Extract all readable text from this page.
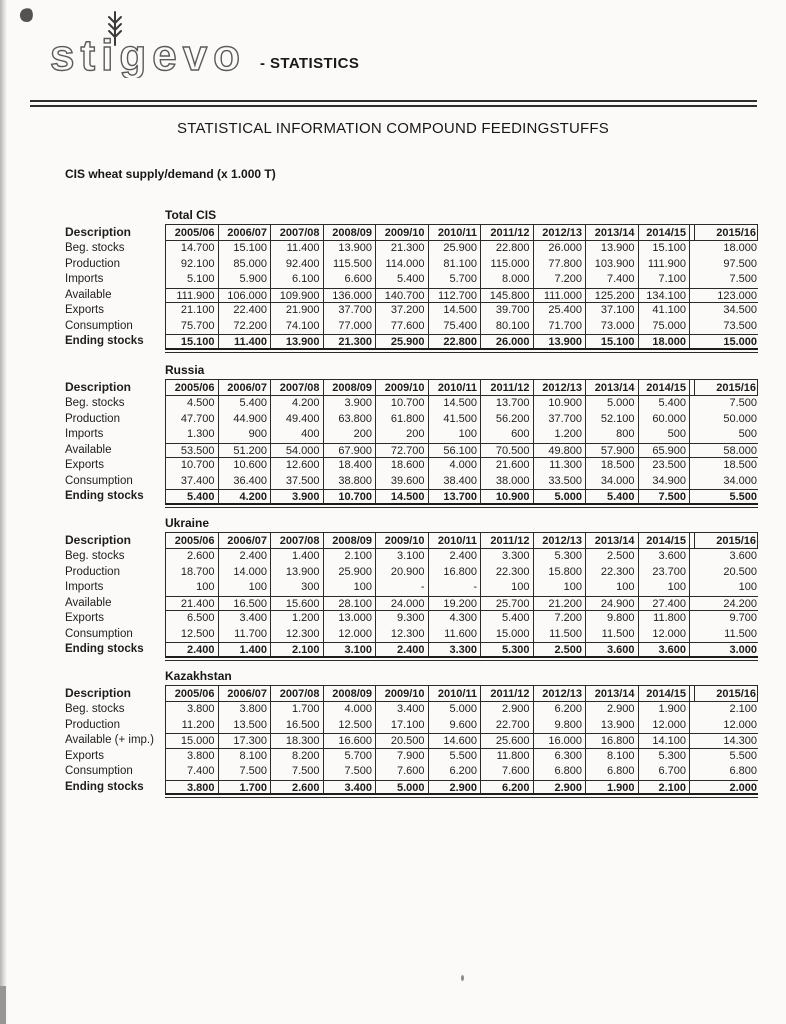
stigevo - STATISTICS
STATISTICAL INFORMATION COMPOUND FEEDINGSTUFFS
CIS wheat supply/demand (x 1.000 T)
Total CIS
Description	2005/06	2006/07	2007/08	2008/09	2009/10	2010/11	2011/12	2012/13	2013/14	2014/15	2015/16
Beg. stocks	14.700	15.100	11.400	13.900	21.300	25.900	22.800	26.000	13.900	15.100	18.000
Production	92.100	85.000	92.400	115.500	114.000	81.100	115.000	77.800	103.900	111.900	97.500
Imports	5.100	5.900	6.100	6.600	5.400	5.700	8.000	7.200	7.400	7.100	7.500
Available	111.900	106.000	109.900	136.000	140.700	112.700	145.800	111.000	125.200	134.100	123.000
Exports	21.100	22.400	21.900	37.700	37.200	14.500	39.700	25.400	37.100	41.100	34.500
Consumption	75.700	72.200	74.100	77.000	77.600	75.400	80.100	71.700	73.000	75.000	73.500
Ending stocks	15.100	11.400	13.900	21.300	25.900	22.800	26.000	13.900	15.100	18.000	15.000
Russia
Description	2005/06	2006/07	2007/08	2008/09	2009/10	2010/11	2011/12	2012/13	2013/14	2014/15	2015/16
Beg. stocks	4.500	5.400	4.200	3.900	10.700	14.500	13.700	10.900	5.000	5.400	7.500
Production	47.700	44.900	49.400	63.800	61.800	41.500	56.200	37.700	52.100	60.000	50.000
Imports	1.300	900	400	200	200	100	600	1.200	800	500	500
Available	53.500	51.200	54.000	67.900	72.700	56.100	70.500	49.800	57.900	65.900	58.000
Exports	10.700	10.600	12.600	18.400	18.600	4.000	21.600	11.300	18.500	23.500	18.500
Consumption	37.400	36.400	37.500	38.800	39.600	38.400	38.000	33.500	34.000	34.900	34.000
Ending stocks	5.400	4.200	3.900	10.700	14.500	13.700	10.900	5.000	5.400	7.500	5.500
Ukraine
Description	2005/06	2006/07	2007/08	2008/09	2009/10	2010/11	2011/12	2012/13	2013/14	2014/15	2015/16
Beg. stocks	2.600	2.400	1.400	2.100	3.100	2.400	3.300	5.300	2.500	3.600	3.600
Production	18.700	14.000	13.900	25.900	20.900	16.800	22.300	15.800	22.300	23.700	20.500
Imports	100	100	300	100	-	-	100	100	100	100	100
Available	21.400	16.500	15.600	28.100	24.000	19.200	25.700	21.200	24.900	27.400	24.200
Exports	6.500	3.400	1.200	13.000	9.300	4.300	5.400	7.200	9.800	11.800	9.700
Consumption	12.500	11.700	12.300	12.000	12.300	11.600	15.000	11.500	11.500	12.000	11.500
Ending stocks	2.400	1.400	2.100	3.100	2.400	3.300	5.300	2.500	3.600	3.600	3.000
Kazakhstan
Description	2005/06	2006/07	2007/08	2008/09	2009/10	2010/11	2011/12	2012/13	2013/14	2014/15	2015/16
Beg. stocks	3.800	3.800	1.700	4.000	3.400	5.000	2.900	6.200	2.900	1.900	2.100
Production	11.200	13.500	16.500	12.500	17.100	9.600	22.700	9.800	13.900	12.000	12.000
Available (+ imp.)	15.000	17.300	18.300	16.600	20.500	14.600	25.600	16.000	16.800	14.100	14.300
Exports	3.800	8.100	8.200	5.700	7.900	5.500	11.800	6.300	8.100	5.300	5.500
Consumption	7.400	7.500	7.500	7.500	7.600	6.200	7.600	6.800	6.800	6.700	6.800
Ending stocks	3.800	1.700	2.600	3.400	5.000	2.900	6.200	2.900	1.900	2.100	2.000
